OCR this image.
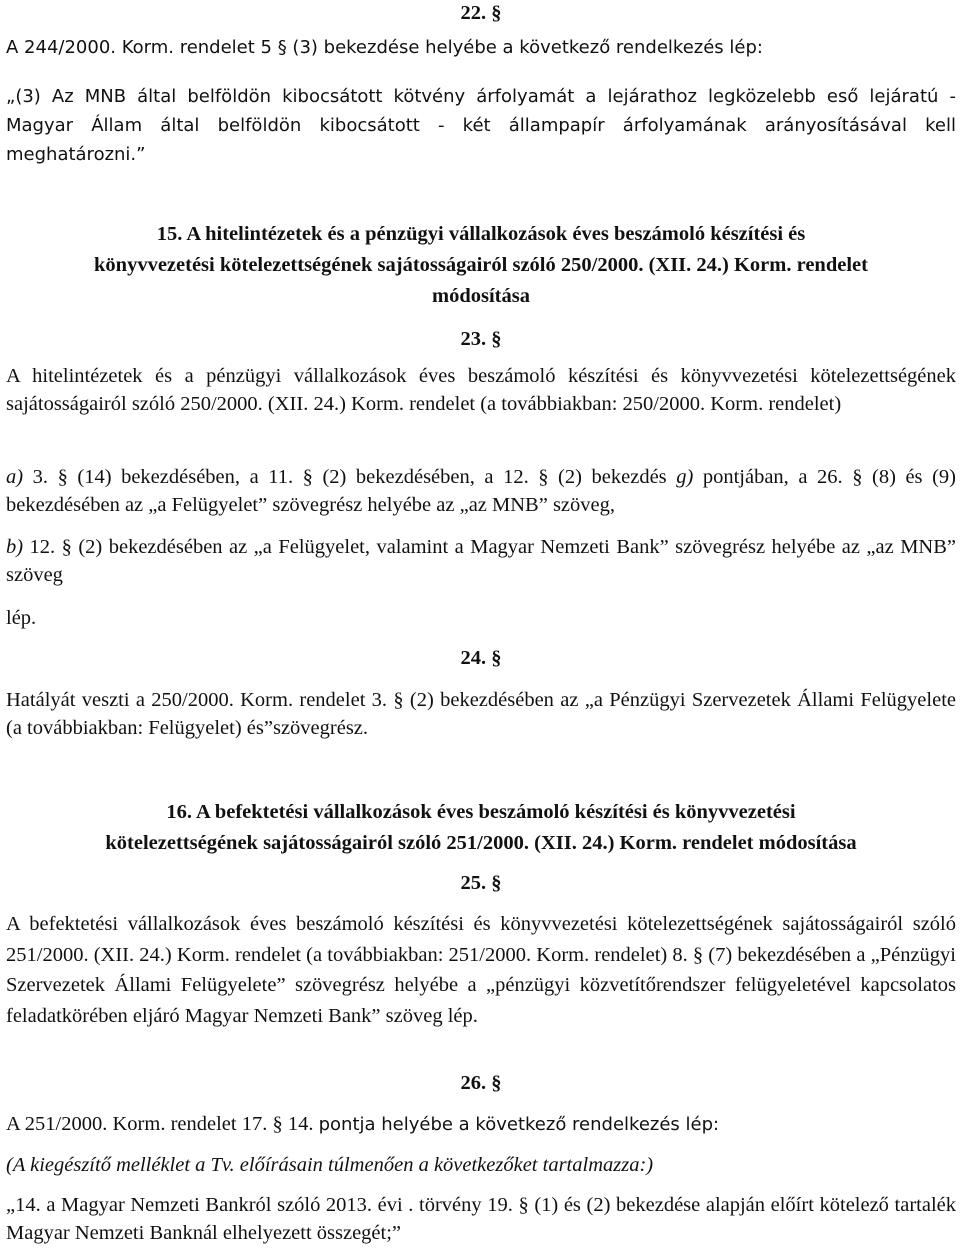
22. §

A 244/2000. Korm. rendelet 5 § (3) bekezdése helyébe a következő rendelkezés lép:

„(3) Az MNB által belföldön kibocsátott kötvény árfolyamát a lejárathoz legközelebb eső lejáratú - Magyar Állam által belföldön kibocsátott - két állampapír árfolyamának arányosításával kell meghatározni.”

15. A hitelintézetek és a pénzügyi vállalkozások éves beszámoló készítési és
könyvvezetési kötelezettségének sajátosságairól szóló 250/2000. (XII. 24.) Korm. rendelet
módosítása
23. §

A hitelintézetek és a pénzügyi vállalkozások éves beszámoló készítési és könyvvezetési kötelezettségének sajátosságairól szóló 250/2000. (XII. 24.) Korm. rendelet (a továbbiakban: 250/2000. Korm. rendelet)

a) 3. § (14) bekezdésében, a 11. § (2) bekezdésében, a 12. § (2) bekezdés g) pontjában, a 26. § (8) és (9) bekezdésében az „a Felügyelet” szövegrész helyébe az „az MNB” szöveg,

b) 12. § (2) bekezdésében az „a Felügyelet, valamint a Magyar Nemzeti Bank” szövegrész helyébe az „az MNB” szöveg

lép.

24. §

Hatályát veszti a 250/2000. Korm. rendelet 3. § (2) bekezdésében az „a Pénzügyi Szervezetek Állami Felügyelete (a továbbiakban: Felügyelet) és”szövegrész.

16. A befektetési vállalkozások éves beszámoló készítési és könyvvezetési
kötelezettségének sajátosságairól szóló 251/2000. (XII. 24.) Korm. rendelet módosítása
25. §

A befektetési vállalkozások éves beszámoló készítési és könyvvezetési kötelezettségének sajátosságairól szóló 251/2000. (XII. 24.) Korm. rendelet (a továbbiakban: 251/2000. Korm. rendelet) 8. § (7) bekezdésében a „Pénzügyi Szervezetek Állami Felügyelete” szövegrész helyébe a „pénzügyi közvetítőrendszer felügyeletével kapcsolatos feladatkörében eljáró Magyar Nemzeti Bank” szöveg lép.

26. §

A 251/2000. Korm. rendelet 17. § 14. pontja helyébe a következő rendelkezés lép:

(A kiegészítő melléklet a Tv. előírásain túlmenően a következőket tartalmazza:)

„14. a Magyar Nemzeti Bankról szóló 2013. évi . törvény 19. § (1) és (2) bekezdése alapján előírt kötelező tartalék Magyar Nemzeti Banknál elhelyezett összegét;”
